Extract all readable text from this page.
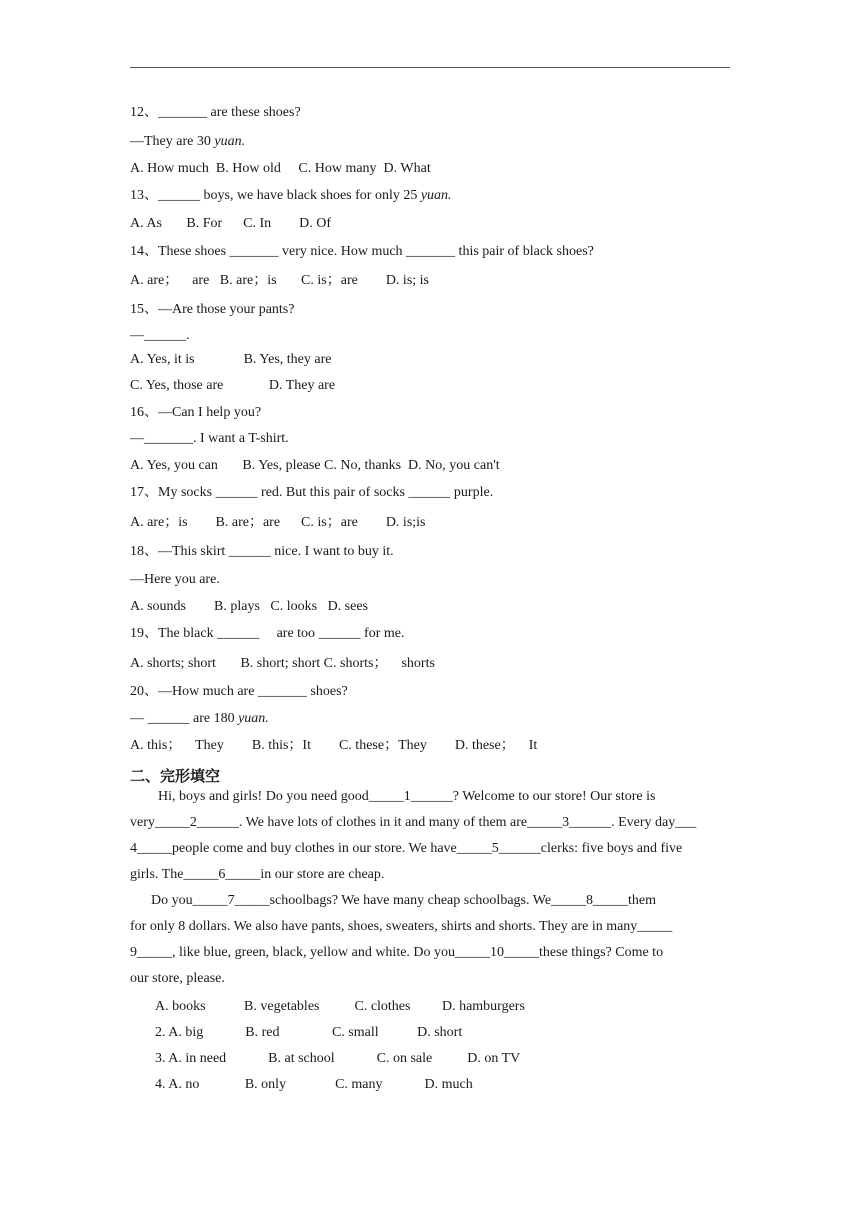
12、_______ are these shoes?
—They are 30 yuan.
A. How much  B. How old     C. How many  D. What
13、______ boys, we have black shoes for only 25 yuan.
A. As       B. For      C. In        D. Of
14、These shoes _______ very nice. How much _______ this pair of black shoes?
A. are；    are   B. are；is       C. is；are        D. is; is
15、—Are those your pants?
—______.
A. Yes, it is              B. Yes, they are
C. Yes, those are             D. They are
16、—Can I help you?
—_______. I want a T-shirt.
A. Yes, you can       B. Yes, please C. No, thanks  D. No, you can't
17、My socks ______ red. But this pair of socks ______ purple.
A. are；is        B. are；are      C. is；are        D. is;is
18、—This skirt ______ nice. I want to buy it.
—Here you are.
A. sounds        B. plays   C. looks   D. sees
19、The black ______     are too ______ for me.
A. shorts; short       B. short; short C. shorts；    shorts
20、—How much are _______ shoes?
— ______ are 180 yuan.
A. this；    They        B. this；It        C. these；They        D. these；    It
二、完形填空
Hi, boys and girls! Do you need good_____1______? Welcome to our store! Our store is
very_____2______. We have lots of clothes in it and many of them are_____3______. Every day___
4_____people come and buy clothes in our store. We have_____5______clerks: five boys and five
girls. The_____6_____in our store are cheap.

Do you_____7_____schoolbags? We have many cheap schoolbags. We_____8_____them
for only 8 dollars. We also have pants, shoes, sweaters, shirts and shorts. They are in many_____
9_____, like blue, green, black, yellow and white. Do you_____10_____these things? Come to
our store, please.

A. books           B. vegetables          C. clothes         D. hamburgers
2. A. big            B. red               C. small           D. short
3. A. in need            B. at school            C. on sale          D. on TV
4. A. no             B. only              C. many            D. much
